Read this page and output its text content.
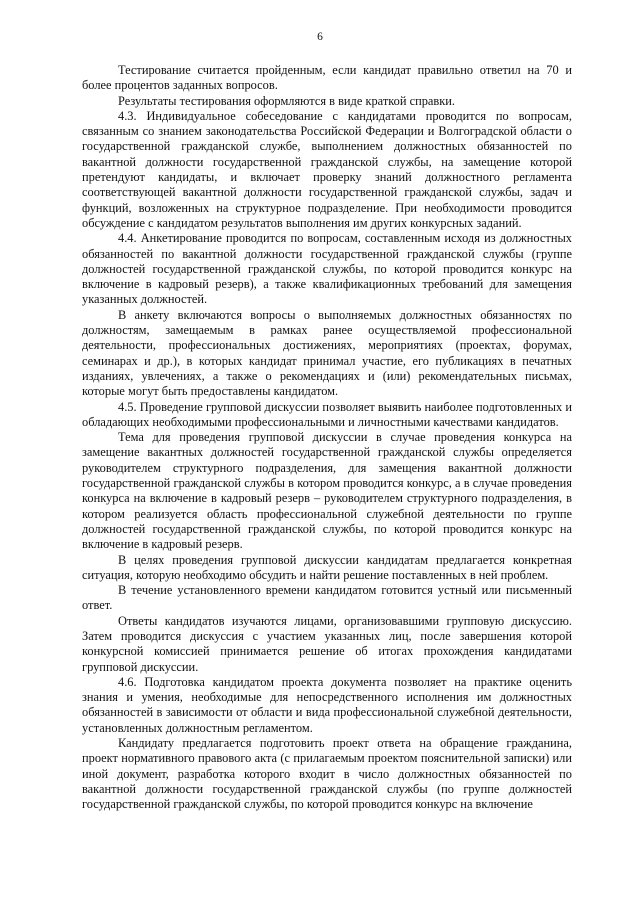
6

Тестирование считается пройденным, если кандидат правильно ответил на 70 и более процентов заданных вопросов.

Результаты тестирования оформляются в виде краткой справки.

4.3. Индивидуальное собеседование с кандидатами проводится по вопросам, связанным со знанием законодательства Российской Федерации и Волгоградской области о государственной гражданской службе, выполнением должностных обязанностей по вакантной должности государственной гражданской службы, на замещение которой претендуют кандидаты, и включает проверку знаний должностного регламента соответствующей вакантной должности государственной гражданской службы, задач и функций, возложенных на структурное подразделение. При необходимости проводится обсуждение с кандидатом результатов выполнения им других конкурсных заданий.

4.4. Анкетирование проводится по вопросам, составленным исходя из должностных обязанностей по вакантной должности государственной гражданской службы (группе должностей государственной гражданской службы, по которой проводится конкурс на включение в кадровый резерв), а также квалификационных требований для замещения указанных должностей.

В анкету включаются вопросы о выполняемых должностных обязанностях по должностям, замещаемым в рамках ранее осуществляемой профессиональной деятельности, профессиональных достижениях, мероприятиях (проектах, форумах, семинарах и др.), в которых кандидат принимал участие, его публикациях в печатных изданиях, увлечениях, а также о рекомендациях и (или) рекомендательных письмах, которые могут быть предоставлены кандидатом.

4.5. Проведение групповой дискуссии позволяет выявить наиболее подготовленных и обладающих необходимыми профессиональными и личностными качествами кандидатов.

Тема для проведения групповой дискуссии в случае проведения конкурса на замещение вакантных должностей государственной гражданской службы определяется руководителем структурного подразделения, для замещения вакантной должности государственной гражданской службы в котором проводится конкурс, а в случае проведения конкурса на включение в кадровый резерв – руководителем структурного подразделения, в котором реализуется область профессиональной служебной деятельности по группе должностей государственной гражданской службы, по которой проводится конкурс на включение в кадровый резерв.

В целях проведения групповой дискуссии кандидатам предлагается конкретная ситуация, которую необходимо обсудить и найти решение поставленных в ней проблем.

В течение установленного времени кандидатом готовится устный или письменный ответ.

Ответы кандидатов изучаются лицами, организовавшими групповую дискуссию. Затем проводится дискуссия с участием указанных лиц, после завершения которой конкурсной комиссией принимается решение об итогах прохождения кандидатами групповой дискуссии.

4.6. Подготовка кандидатом проекта документа позволяет на практике оценить знания и умения, необходимые для непосредственного исполнения им должностных обязанностей в зависимости от области и вида профессиональной служебной деятельности, установленных должностным регламентом.

Кандидату предлагается подготовить проект ответа на обращение гражданина, проект нормативного правового акта (с прилагаемым проектом пояснительной записки) или иной документ, разработка которого входит в число должностных обязанностей по вакантной должности государственной гражданской службы (по группе должностей государственной гражданской службы, по которой проводится конкурс на включение
